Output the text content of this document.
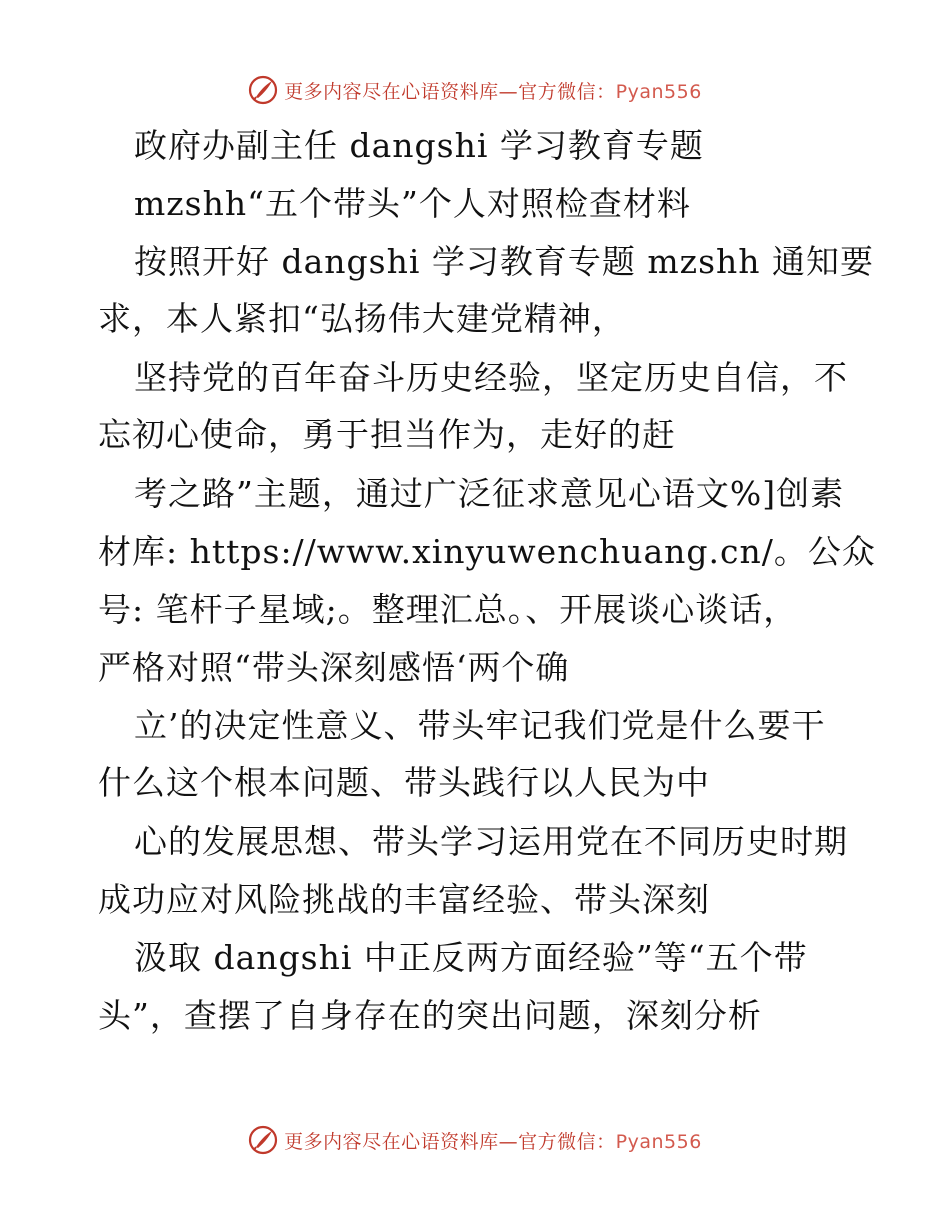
更多内容尽在心语资料库—官方微信：Pyan556
政府办副主任 dangshi 学习教育专题
mzshh“五个带头”个人对照检查材料
按照开好 dangshi 学习教育专题 mzshh 通知要
求，本人紧扣“弘扬伟大建党精神，
坚持党的百年奋斗历史经验，坚定历史自信，不
忘初心使命，勇于担当作为，走好的赶
考之路”主题，通过广泛征求意见心语文%]创素
材库: https://www.xinyuwenchuang.cn/。公众
号: 笔杆子星域;。整理汇总。、开展谈心谈话，
严格对照“带头深刻感悟‘两个确
立’的决定性意义、带头牢记我们党是什么要干
什么这个根本问题、带头践行以人民为中
心的发展思想、带头学习运用党在不同历史时期
成功应对风险挑战的丰富经验、带头深刻
汲取 dangshi 中正反两方面经验”等“五个带
头”，查摆了自身存在的突出问题，深刻分析
更多内容尽在心语资料库—官方微信：Pyan556
